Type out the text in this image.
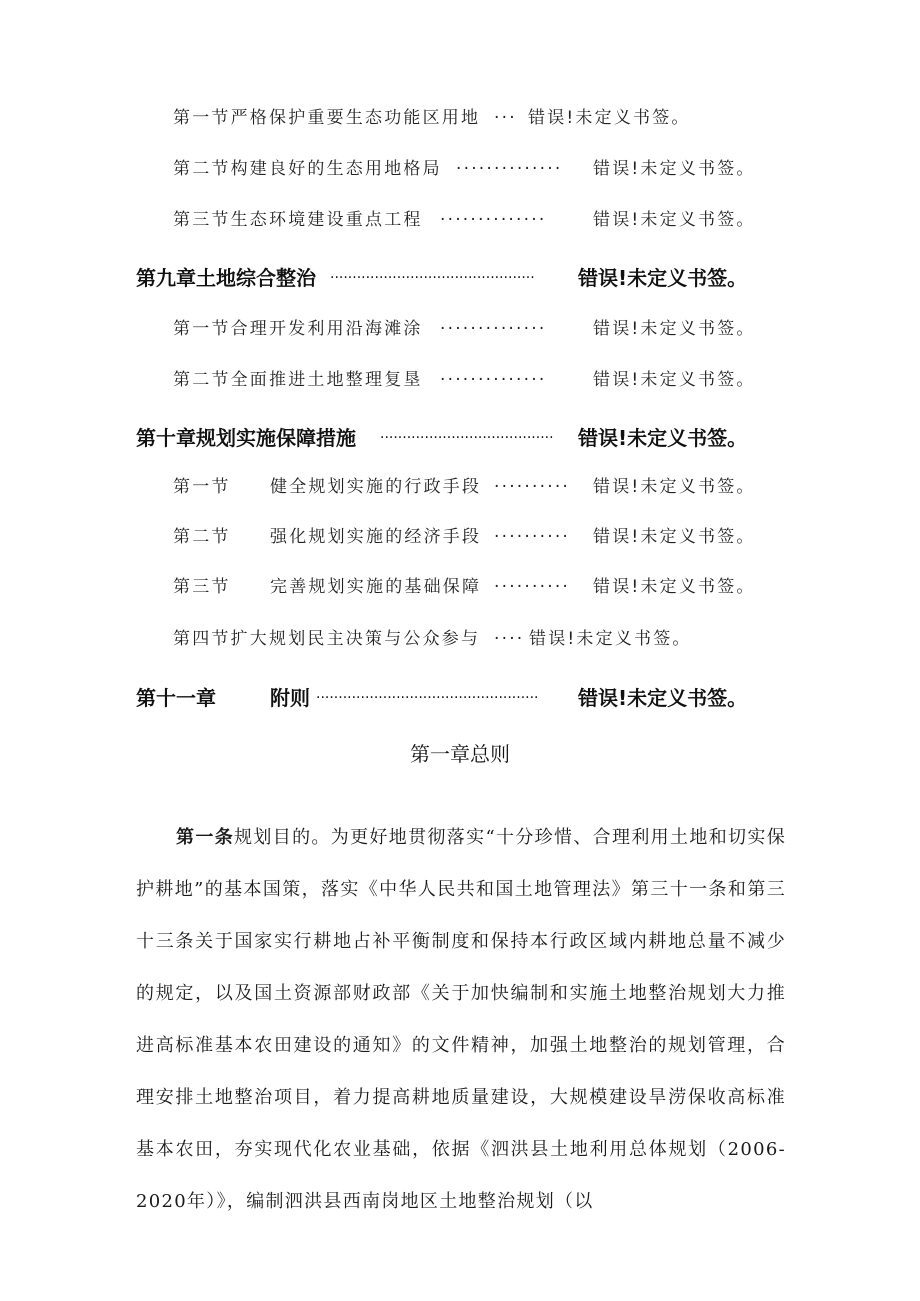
第一节严格保护重要生态功能区用地 ... 错误!未定义书签。
第二节构建良好的生态用地格局 .............. 错误!未定义书签。
第三节生态环境建设重点工程 ..............	错误!未定义书签。
第九章土地综合整治 .............................................. 错误!未定义书签。
第一节合理开发利用沿海滩涂 ..............	错误!未定义书签。
第二节全面推进土地整理复垦 ..............	错误!未定义书签。
第十章规划实施保障措施 ....................................... 错误!未定义书签。
第一节 健全规划实施的行政手段 .......... 错误!未定义书签。
第二节 强化规划实施的经济手段 .......... 错误!未定义书签。
第三节 完善规划实施的基础保障 .......... 错误!未定义书签。
第四节扩大规划民主决策与公众参与 .... 错误!未定义书签。
第十一章	附则 .................................................. 错误!未定义书签。
第一章总则

第一条规划目的。为更好地贯彻落实“十分珍惜、合理利用土地和切实保护耕地”的基本国策，落实《中华人民共和国土地管理法》第三十一条和第三十三条关于国家实行耕地占补平衡制度和保持本行政区域内耕地总量不减少的规定，以及国土资源部财政部《关于加快编制和实施土地整治规划大力推进高标准基本农田建设的通知》的文件精神，加强土地整治的规划管理，合理安排土地整治项目，着力提高耕地质量建设，大规模建设旱涝保收高标准基本农田，夯实现代化农业基础，依据《泗洪县土地利用总体规划（2006-2020年）》，编制泗洪县西南岗地区土地整治规划（以
